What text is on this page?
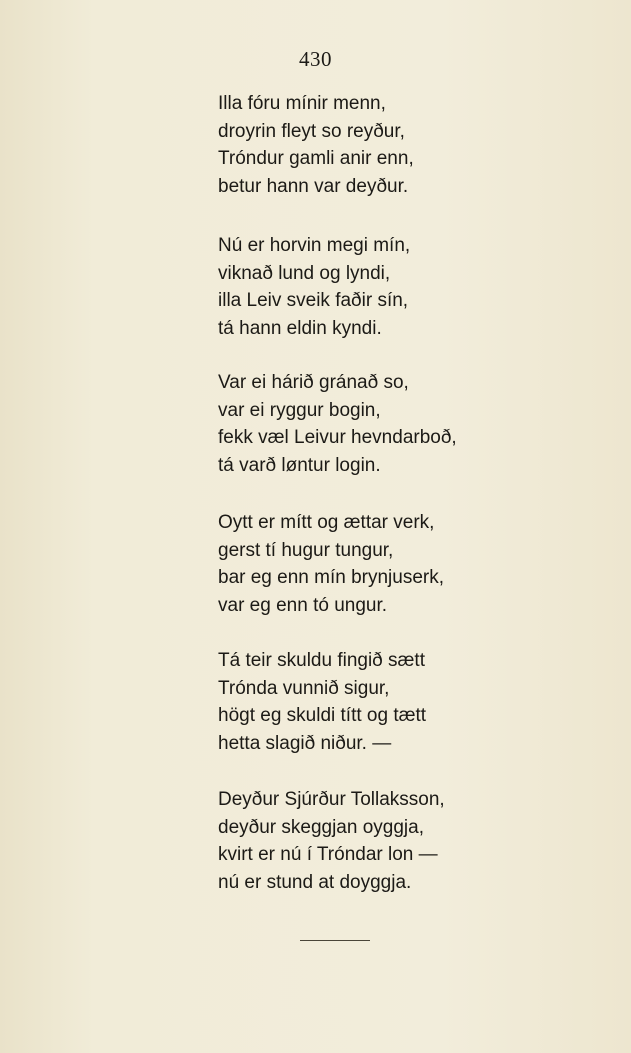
430
Illa fóru mínir menn,
droyrin fleyt so reyður,
Tróndur gamli anir enn,
betur hann var deyður.
Nú er horvin megi mín,
viknað lund og lyndi,
illa Leiv sveik faðir sín,
tá hann eldin kyndi.
Var ei hárið gránað so,
var ei ryggur bogin,
fekk væl Leivur hevndarboð,
tá varð løntur login.
Oytt er mítt og ættar verk,
gerst tí hugur tungur,
bar eg enn mín brynjuserk,
var eg enn tó ungur.
Tá teir skuldu fingið sætt
Trónda vunnið sigur,
högt eg skuldi títt og tætt
hetta slagið niður. —
Deyður Sjúrður Tollaksson,
deyður skeggjan oyggja,
kvirt er nú í Tróndar lon —
nú er stund at doyggja.
